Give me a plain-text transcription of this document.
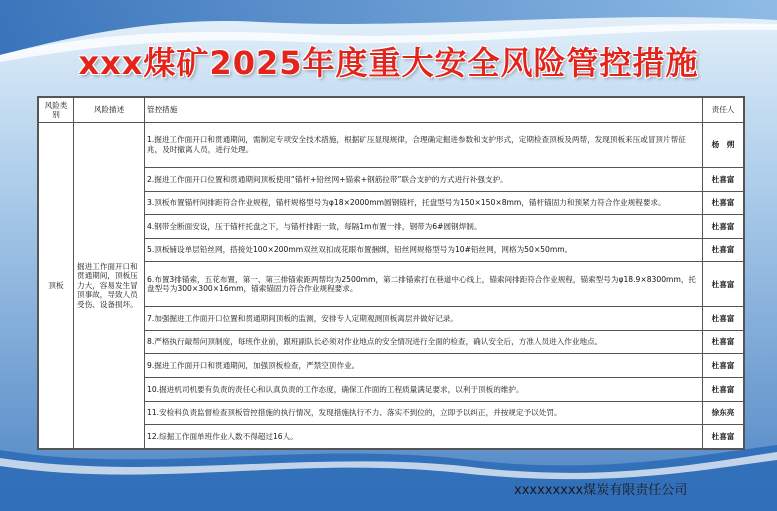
xxx煤矿2025年度重大安全风险管控措施
风险类别	风险描述	管控措施	责任人
顶板	掘进工作面开口和贯通期间，顶板压力大，容易发生冒顶事故，导致人员受伤、设备损坏。	1.掘进工作面开口和贯通期间，需制定专项安全技术措施，根据矿压显现规律，合理确定掘进参数和支护形式，定期检查顶板及两帮，发现顶板来压或冒顶片帮征兆，及时撤离人员，进行处理。	杨　朔
		2.掘进工作面开口位置和贯通期间顶板使用“锚杆+铅丝网+锚索+钢筋拉带”联合支护的方式进行补强支护。	杜喜富
		3.顶板布置锚杆间排距符合作业规程，锚杆规格型号为φ18×2000mm圆钢锚杆，托盘型号为150×150×8mm，锚杆锚固力和预紧力符合作业规程要求。	杜喜富
		4.钢带全断面安设，压于锚杆托盘之下，与锚杆排距一致，每隔1m布置一排，钢带为6#圆钢焊制。	杜喜富
		5.顶板铺设单层铅丝网，搭接处100×200mm双丝双扣成花眼布置捆绑，铅丝网规格型号为10#铅丝网，网格为50×50mm。	杜喜富
		6.布置3排锚索，五花布置，第一、第三排锚索距两帮均为2500mm，第二排锚索打在巷道中心线上，锚索间排距符合作业规程，锚索型号为φ18.9×8300mm，托盘型号为300×300×16mm，锚索锚固力符合作业规程要求。	杜喜富
		7.加强掘进工作面开口位置和贯通期间顶板的监测，安排专人定期观测顶板离层并做好记录。	杜喜富
		8.严格执行敲帮问顶制度，每班作业前，跟班副队长必须对作业地点的安全情况进行全面的检查，确认安全后，方准人员进入作业地点。	杜喜富
		9.掘进工作面开口和贯通期间，加强顶板检查，严禁空顶作业。	杜喜富
		10.掘进机司机要有负责的责任心和认真负责的工作态度，确保工作面的工程质量满足要求，以利于顶板的维护。	杜喜富
		11.安检科负责监督检查顶板管控措施的执行情况，发现措施执行不力、落实不到位的，立即予以纠正，并按规定予以处罚。	徐东亮
		12.综掘工作面单班作业人数不得超过16人。	杜喜富
xxxxxxxxx煤炭有限责任公司
